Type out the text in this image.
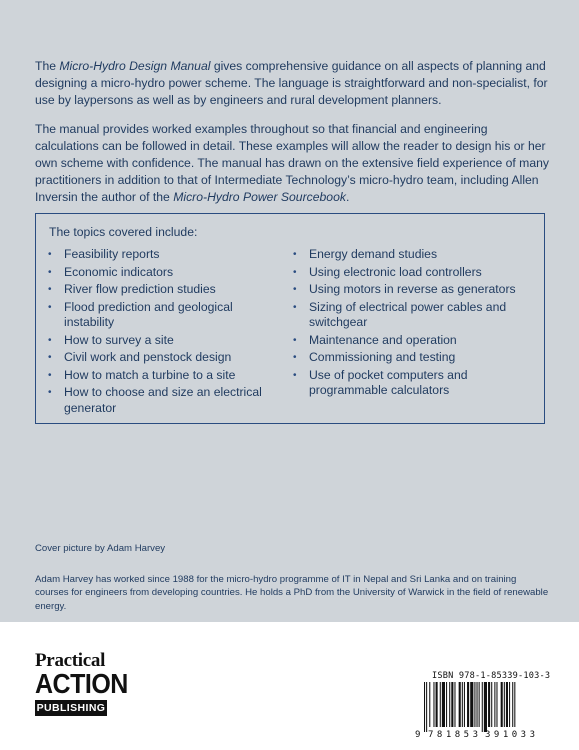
The Micro-Hydro Design Manual gives comprehensive guidance on all aspects of planning and designing a micro-hydro power scheme. The language is straightforward and non-specialist, for use by laypersons as well as by engineers and rural development planners.

The manual provides worked examples throughout so that financial and engineering calculations can be followed in detail. These examples will allow the reader to design his or her own scheme with confidence. The manual has drawn on the extensive field experience of many practitioners in addition to that of Intermediate Technology’s micro-hydro team, including Allen Inversin the author of the Micro-Hydro Power Sourcebook.

The topics covered include:
• Feasibility reports
• Economic indicators
• River flow prediction studies
• Flood prediction and geological instability
• How to survey a site
• Civil work and penstock design
• How to match a turbine to a site
• How to choose and size an electrical generator
• Energy demand studies
• Using electronic load controllers
• Using motors in reverse as generators
• Sizing of electrical power cables and switchgear
• Maintenance and operation
• Commissioning and testing
• Use of pocket computers and programmable calculators
Cover picture by Adam Harvey
Adam Harvey has worked since 1988 for the micro-hydro programme of IT in Nepal and Sri Lanka and on training courses for engineers from developing countries. He holds a PhD from the University of Warwick in the field of renewable energy.
Practical
ACTION
PUBLISHING
ISBN 978-1-85339-103-3
9 781853 391033
